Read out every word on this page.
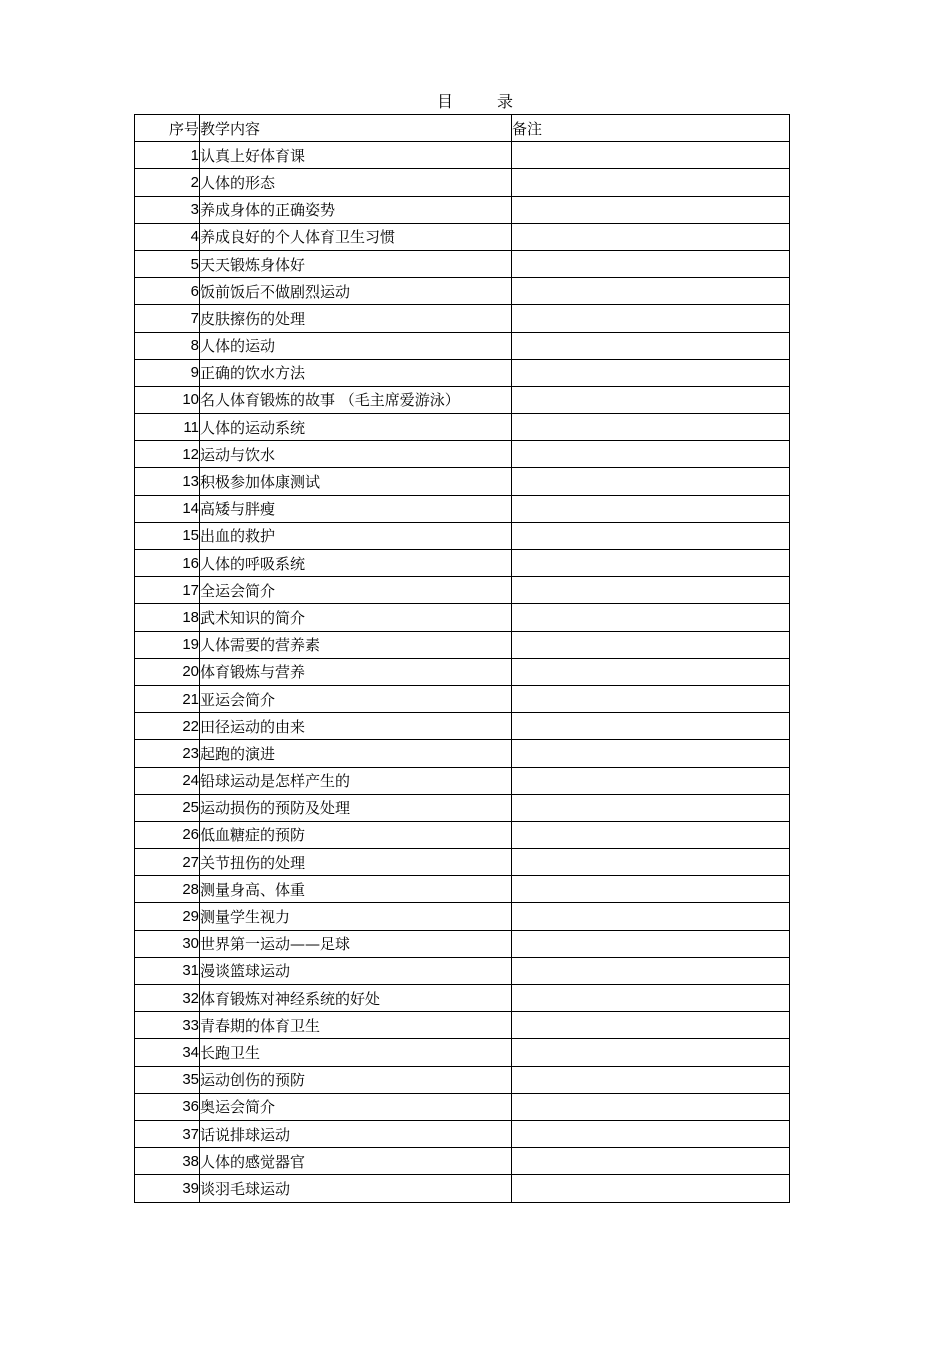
目	录
序号	教学内容	备注
1	认真上好体育课	
2	人体的形态	
3	养成身体的正确姿势	
4	养成良好的个人体育卫生习惯	
5	天天锻炼身体好	
6	饭前饭后不做剧烈运动	
7	皮肤擦伤的处理	
8	人体的运动	
9	正确的饮水方法	
10	名人体育锻炼的故事 （毛主席爱游泳）	
11	人体的运动系统	
12	运动与饮水	
13	积极参加体康测试	
14	高矮与胖瘦	
15	出血的救护	
16	人体的呼吸系统	
17	全运会简介	
18	武术知识的简介	
19	人体需要的营养素	
20	体育锻炼与营养	
21	亚运会简介	
22	田径运动的由来	
23	起跑的演进	
24	铅球运动是怎样产生的	
25	运动损伤的预防及处理	
26	低血糖症的预防	
27	关节扭伤的处理	
28	测量身高、体重	
29	测量学生视力	
30	世界第一运动——足球	
31	漫谈篮球运动	
32	体育锻炼对神经系统的好处	
33	青春期的体育卫生	
34	长跑卫生	
35	运动创伤的预防	
36	奥运会简介	
37	话说排球运动	
38	人体的感觉器官	
39	谈羽毛球运动	
